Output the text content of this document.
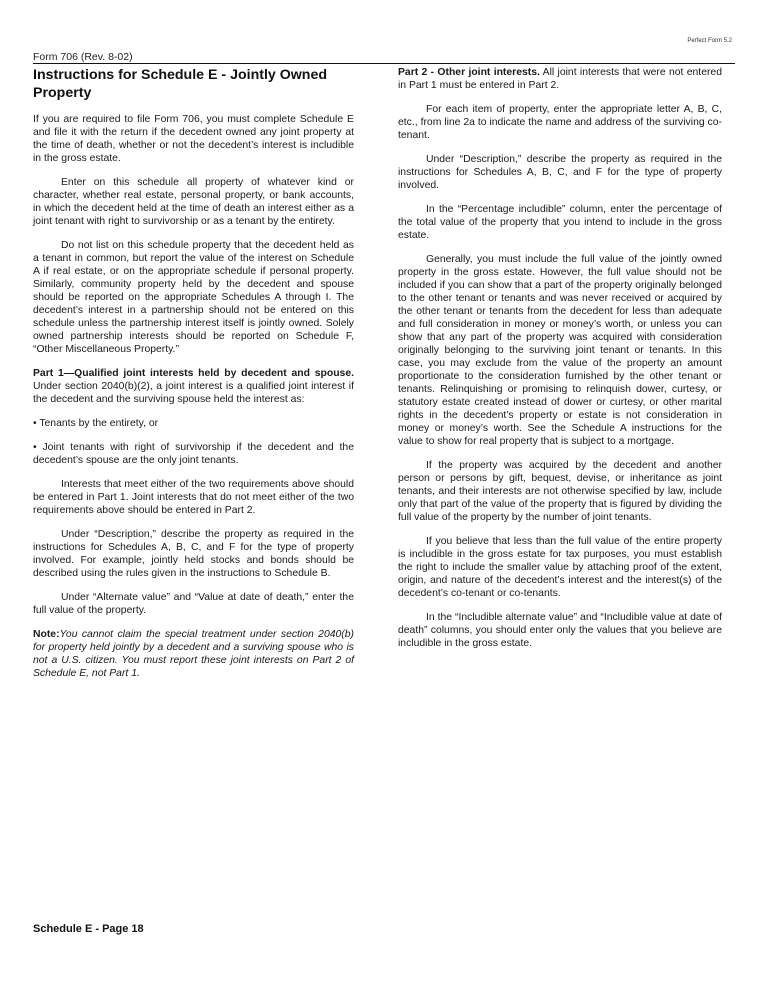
Perfect Form 5.2
Form 706 (Rev. 8-02)
Instructions for Schedule E - Jointly Owned Property

If you are required to file Form 706, you must complete Schedule E and file it with the return if the decedent owned any joint property at the time of death, whether or not the decedent’s interest is includible in the gross estate.

Enter on this schedule all property of whatever kind or character, whether real estate, personal property, or bank accounts, in which the decedent held at the time of death an interest either as a joint tenant with right to survivorship or as a tenant by the entirety.

Do not list on this schedule property that the decedent held as a tenant in common, but report the value of the interest on Schedule A if real estate, or on the appropriate schedule if personal property. Similarly, community property held by the decedent and spouse should be reported on the appropriate Schedules A through I. The decedent’s interest in a partnership should not be entered on this schedule unless the partnership interest itself is jointly owned. Solely owned partnership interests should be reported on Schedule F, “Other Miscellaneous Property.”

Part 1—Qualified joint interests held by decedent and spouse. Under section 2040(b)(2), a joint interest is a qualified joint interest if the decedent and the surviving spouse held the interest as:

• Tenants by the entirety, or

• Joint tenants with right of survivorship if the decedent and the decedent’s spouse are the only joint tenants.

Interests that meet either of the two requirements above should be entered in Part 1. Joint interests that do not meet either of the two requirements above should be entered in Part 2.

Under “Description,” describe the property as required in the instructions for Schedules A, B, C, and F for the type of property involved. For example, jointly held stocks and bonds should be described using the rules given in the instructions to Schedule B.

Under “Alternate value” and “Value at date of death,” enter the full value of the property.

Note:You cannot claim the special treatment under section 2040(b) for property held jointly by a decedent and a surviving spouse who is not a U.S. citizen. You must report these joint interests on Part 2 of Schedule E, not Part 1.

Part 2 - Other joint interests. All joint interests that were not entered in Part 1 must be entered in Part 2.

For each item of property, enter the appropriate letter A, B, C, etc., from line 2a to indicate the name and address of the surviving co-tenant.

Under “Description,” describe the property as required in the instructions for Schedules A, B, C, and F for the type of property involved.

In the “Percentage includible” column, enter the percentage of the total value of the property that you intend to include in the gross estate.

Generally, you must include the full value of the jointly owned property in the gross estate. However, the full value should not be included if you can show that a part of the property originally belonged to the other tenant or tenants and was never received or acquired by the other tenant or tenants from the decedent for less than adequate and full consideration in money or money’s worth, or unless you can show that any part of the property was acquired with consideration originally belonging to the surviving joint tenant or tenants. In this case, you may exclude from the value of the property an amount proportionate to the consideration furnished by the other tenant or tenants. Relinquishing or promising to relinquish dower, curtesy, or statutory estate created instead of dower or curtesy, or other marital rights in the decedent’s property or estate is not consideration in money or money’s worth. See the Schedule A instructions for the value to show for real property that is subject to a mortgage.

If the property was acquired by the decedent and another person or persons by gift, bequest, devise, or inheritance as joint tenants, and their interests are not otherwise specified by law, include only that part of the value of the property that is figured by dividing the full value of the property by the number of joint tenants.

If you believe that less than the full value of the entire property is includible in the gross estate for tax purposes, you must establish the right to include the smaller value by attaching proof of the extent, origin, and nature of the decedent’s interest and the interest(s) of the decedent’s co-tenant or co-tenants.

In the “Includible alternate value” and “Includible value at date of death” columns, you should enter only the values that you believe are includible in the gross estate.

Schedule E - Page 18
